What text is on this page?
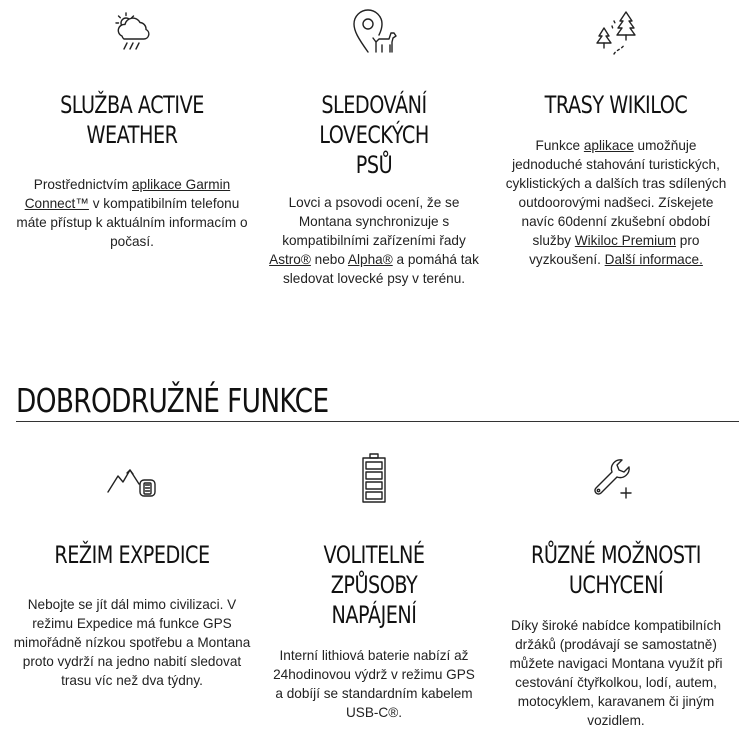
SLUŽBA ACTIVE
WEATHER

Prostřednictvím aplikace Garmin Connect™ v kompatibilním telefonu máte přístup k aktuálním informacím o počasí.

SLEDOVÁNÍ LOVECKÝCH
PSŮ

Lovci a psovodi ocení, že se Montana synchronizuje s kompatibilními zařízeními řady Astro® nebo Alpha® a pomáhá tak sledovat lovecké psy v terénu.

TRASY WIKILOC

Funkce aplikace umožňuje jednoduché stahování turistických, cyklistických a dalších tras sdílených outdoorovými nadšeci. Získejete navíc 60denní zkušební období služby Wikiloc Premium pro vyzkoušení. Další informace.

DOBRODRUŽNÉ FUNKCE
REŽIM EXPEDICE

Nebojte se jít dál mimo civilizaci. V režimu Expedice má funkce GPS mimořádně nízkou spotřebu a Montana proto vydrží na jedno nabití sledovat trasu víc než dva týdny.

VOLITELNÉ ZPŮSOBY
NAPÁJENÍ

Interní lithiová baterie nabízí až 24hodinovou výdrž v režimu GPS a dobíjí se standardním kabelem USB-C®.

RŮZNÉ MOŽNOSTI
UCHYCENÍ

Díky široké nabídce kompatibilních držáků (prodávají se samostatně) můžete navigaci Montana využít při cestování čtyřkolkou, lodí, autem, motocyklem, karavanem či jiným vozidlem.
